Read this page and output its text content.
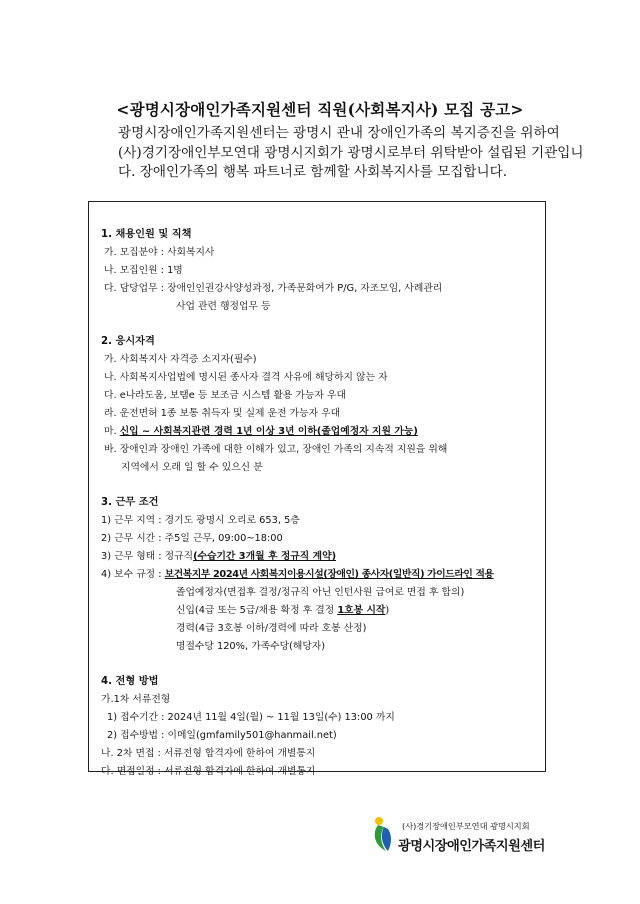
<광명시장애인가족지원센터 직원(사회복지사) 모집 공고>
광명시장애인가족지원센터는 광명시 관내 장애인가족의 복지증진을 위하여
(사)경기장애인부모연대 광명시지회가 광명시로부터 위탁받아 설립된 기관입니
다. 장애인가족의 행복 파트너로 함께할 사회복지사를 모집합니다.
1. 채용인원 및 직책
가. 모집분야 : 사회복지사
나. 모집인원 : 1명
다. 담당업무 : 장애인인권강사양성과정, 가족문화여가 P/G, 자조모임, 사례관리
사업 관련 행정업무 등
2. 응시자격
가. 사회복지사 자격증 소지자(필수)
나. 사회복지사업법에 명시된 종사자 결격 사유에 해당하지 않는 자
다. e나라도움, 보탬e 등 보조금 시스템 활용 가능자 우대
라. 운전면허 1종 보통 취득자 및 실제 운전 가능자 우대
마. 신입 ~ 사회복지관련 경력 1년 이상 3년 이하(졸업예정자 지원 가능)
바. 장애인과 장애인 가족에 대한 이해가 있고, 장애인 가족의 지속적 지원을 위해
지역에서 오래 일 할 수 있으신 분
3. 근무 조건
1) 근무 지역 : 경기도 광명시 오리로 653, 5층
2) 근무 시간 : 주5일 근무, 09:00~18:00
3) 근무 형태 : 정규직(수습기간 3개월 후 정규직 계약)
4) 보수 규정 : 보건복지부 2024년 사회복지이용시설(장애인) 종사자(일반직) 가이드라인 적용
졸업예정자(면접후 결정/정규직 아닌 인턴사원 급여로 면접 후 합의)
신입(4급 또는 5급/채용 확정 후 결정 1호봉 시작)
경력(4급 3호봉 이하/경력에 따라 호봉 산정)
명절수당 120%, 가족수당(해당자)
4. 전형 방법
가.1차 서류전형
1) 접수기간 : 2024년 11월 4일(월) ~ 11월 13일(수) 13:00 까지
2) 접수방법 : 이메일(gmfamily501@hanmail.net)
나. 2차 면접 : 서류전형 합격자에 한하여 개별통지
다. 면접일정 : 서류전형 합격자에 한하여 개별통지
(사)경기장애인부모연대 광명시지회
광명시장애인가족지원센터
